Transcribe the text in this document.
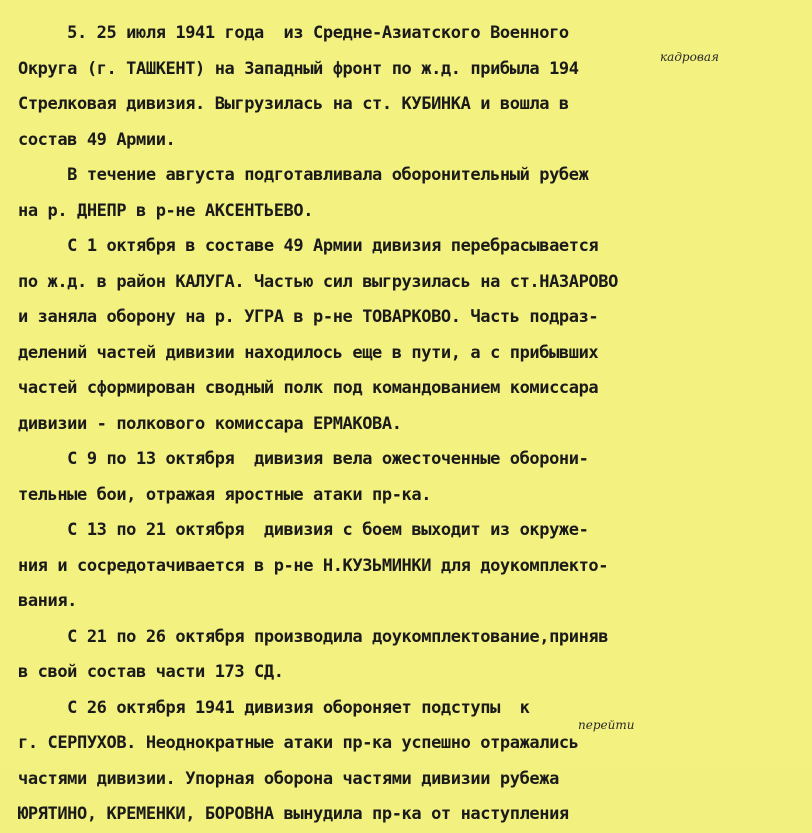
5. 25 июля 1941 года  из Средне-Азиатского Военного
Округа (г. ТАШКЕНТ) на Западный фронт по ж.д. прибыла 194
Стрелковая дивизия. Выгрузилась на ст. КУБИНКА и вошла в
состав 49 Армии.
В течение августа подготавливала оборонительный рубеж
на р. ДНЕПР в р-не АКСЕНТЬЕВО.
С 1 октября в составе 49 Армии дивизия перебрасывается
по ж.д. в район КАЛУГА. Частью сил выгрузилась на ст.НАЗАРОВО
и заняла оборону на р. УГРА в р-не ТОВАРКОВО. Часть подраз-
делений частей дивизии находилось еще в пути, а с прибывших
частей сформирован сводный полк под командованием комиссара
дивизии - полкового комиссара ЕРМАКОВА.
С 9 по 13 октября  дивизия вела ожесточенные оборони-
тельные бои, отражая яростные атаки пр-ка.
С 13 по 21 октября  дивизия с боем выходит из окруже-
ния и сосредотачивается в р-не Н.КУЗЬМИНКИ для доукомплекто-
вания.
С 21 по 26 октября производила доукомплектование,приняв
в свой состав части 173 СД.
С 26 октября 1941 дивизия обороняет подступы  к
г. СЕРПУХОВ. Неоднократные атаки пр-ка успешно отражались
частями дивизии. Упорная оборона частями дивизии рубежа
ЮРЯТИНО, КРЕМЕНКИ, БОРОВНА вынудила пр-ка от наступления
кадровая
перейти
